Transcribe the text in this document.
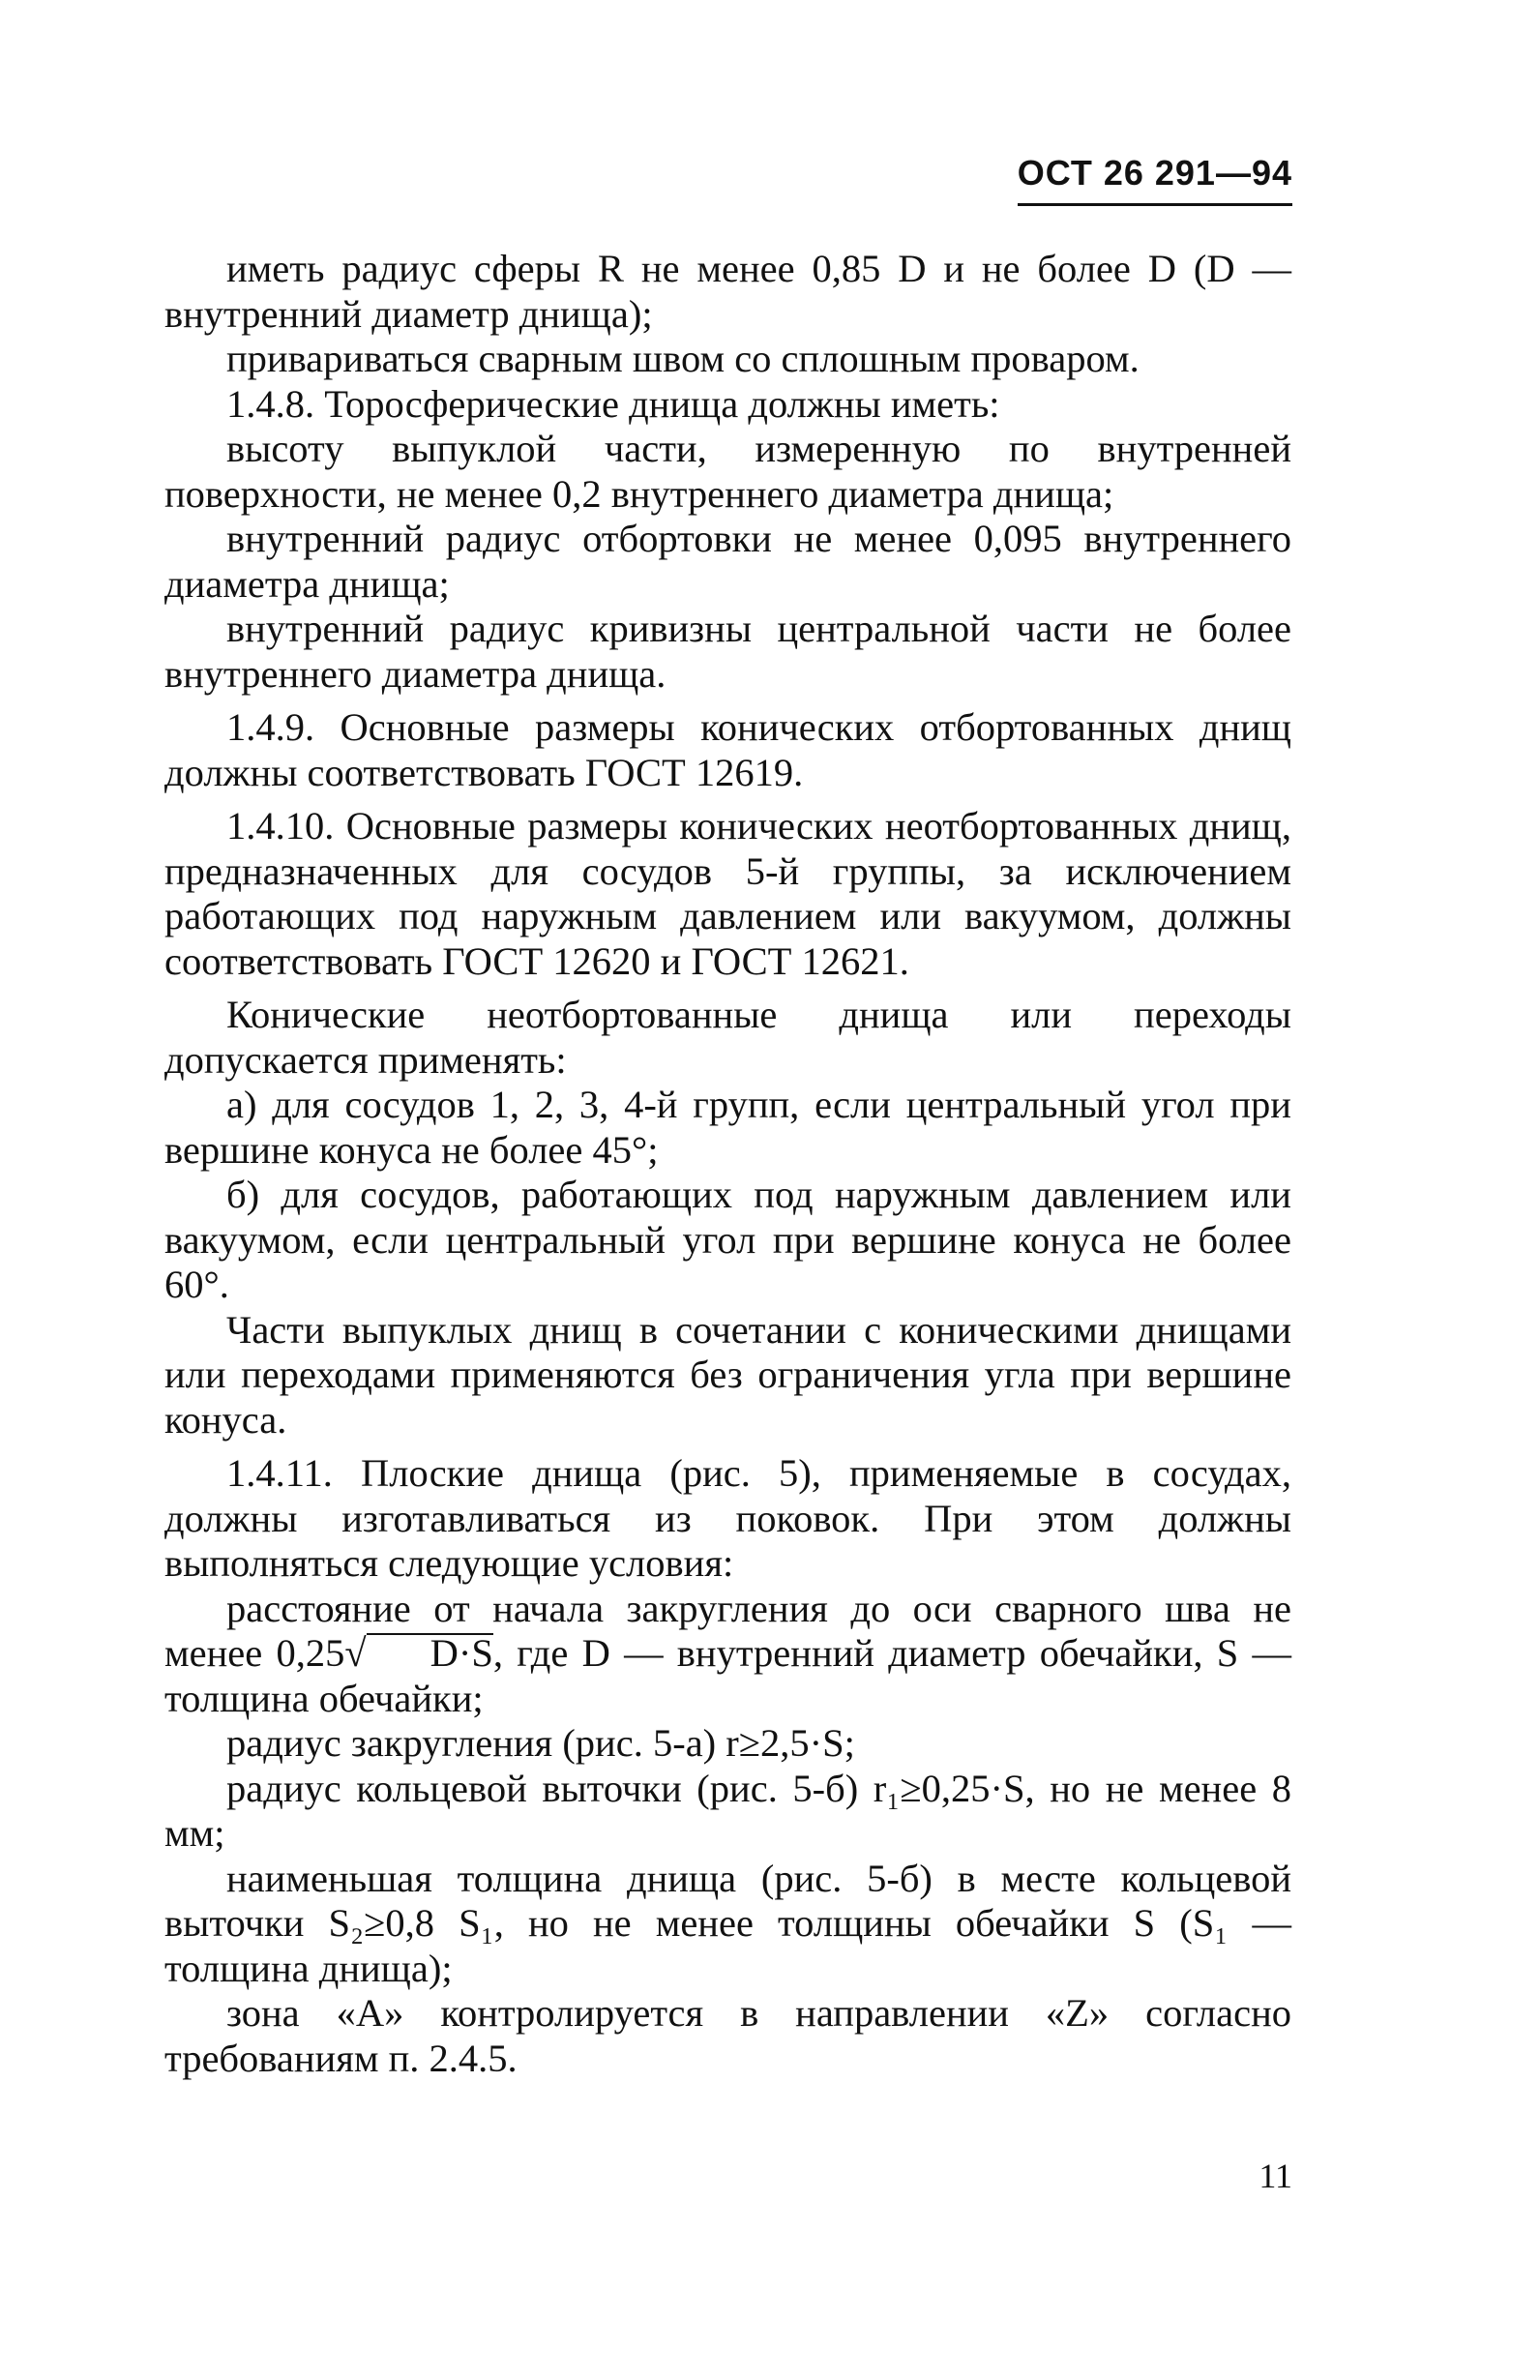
ОСТ 26 291—94

иметь радиус сферы R не менее 0,85 D и не более D (D — внутренний диаметр днища);

привариваться сварным швом со сплошным проваром.

1.4.8. Торосферические днища должны иметь:

высоту выпуклой части, измеренную по внутренней поверхности, не менее 0,2 внутреннего диаметра днища;

внутренний радиус отбортовки не менее 0,095 внутреннего диаметра днища;

внутренний радиус кривизны центральной части не более внутреннего диаметра днища.

1.4.9. Основные размеры конических отбортованных днищ должны соответствовать ГОСТ 12619.

1.4.10. Основные размеры конических неотбортованных днищ, предназначенных для сосудов 5-й группы, за исключением работающих под наружным давлением или вакуумом, должны соответствовать ГОСТ 12620 и ГОСТ 12621.

Конические неотбортованные днища или переходы допускается применять:

а) для сосудов 1, 2, 3, 4-й групп, если центральный угол при вершине конуса не более 45°;

б) для сосудов, работающих под наружным давлением или вакуумом, если центральный угол при вершине конуса не более 60°.

Части выпуклых днищ в сочетании с коническими днищами или переходами применяются без ограничения угла при вершине конуса.

1.4.11. Плоские днища (рис. 5), применяемые в сосудах, должны изготавливаться из поковок. При этом должны выполняться следующие условия:

расстояние от начала закругления до оси сварного шва не менее 0,25√ D·S, где D — внутренний диаметр обечайки, S — толщина обечайки;

радиус закругления (рис. 5-а) r≥2,5·S;

радиус кольцевой выточки (рис. 5-б) r₁≥0,25·S, но не менее 8 мм;

наименьшая толщина днища (рис. 5-б) в месте кольцевой выточки S₂≥0,8 S₁, но не менее толщины обечайки S (S₁ — толщина днища);

зона «А» контролируется в направлении «Z» согласно требованиям п. 2.4.5.

11
